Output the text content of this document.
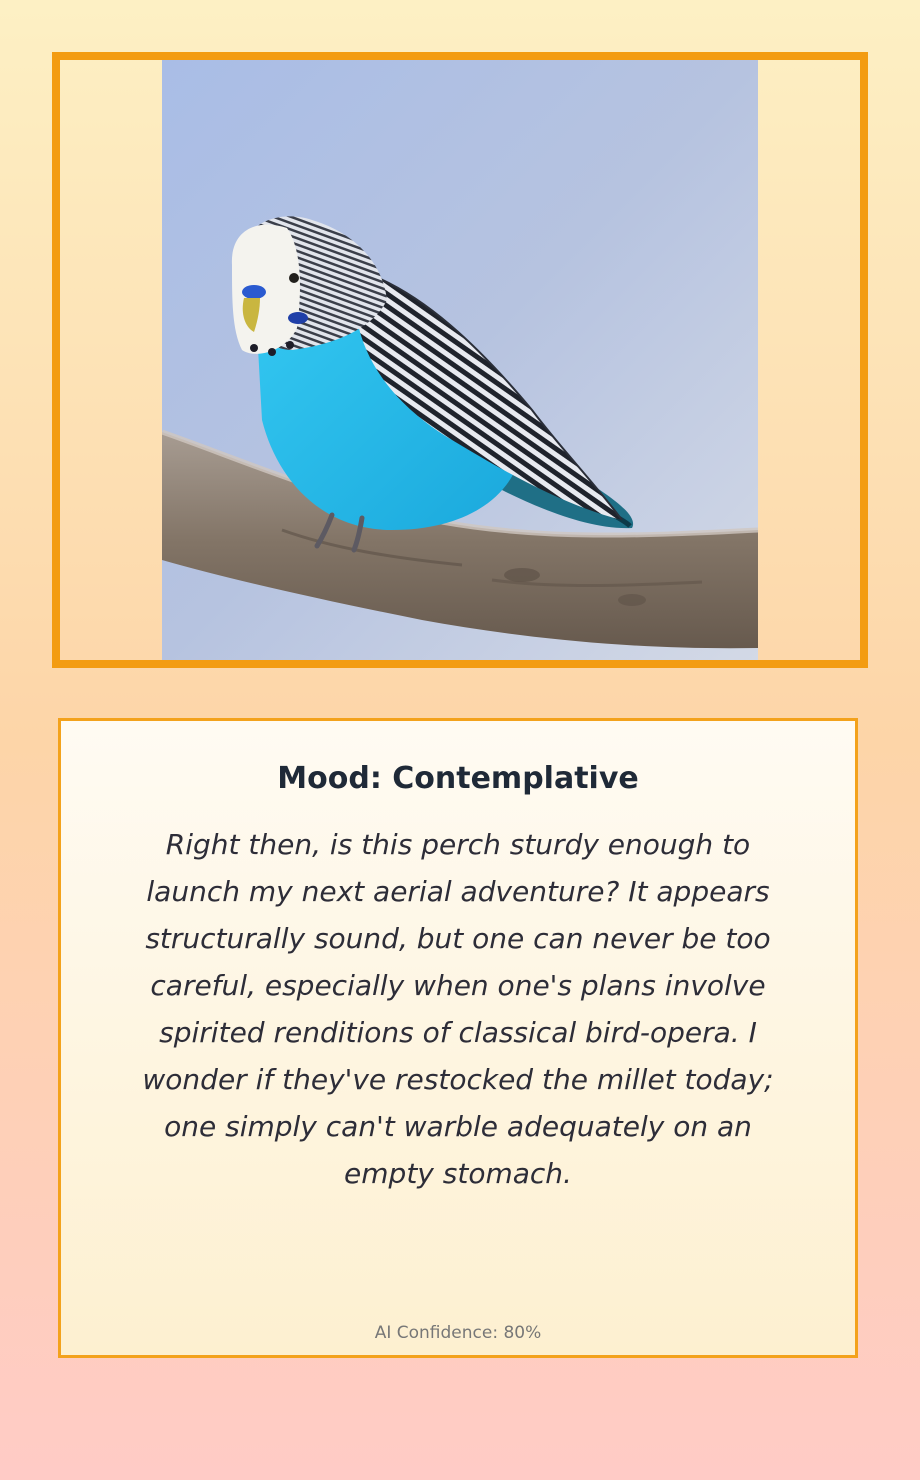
Mood: Contemplative

Right then, is this perch sturdy enough to launch my next aerial adventure? It appears structurally sound, but one can never be too careful, especially when one's plans involve spirited renditions of classical bird-opera. I wonder if they've restocked the millet today; one simply can't warble adequately on an empty stomach.

AI Confidence: 80%
